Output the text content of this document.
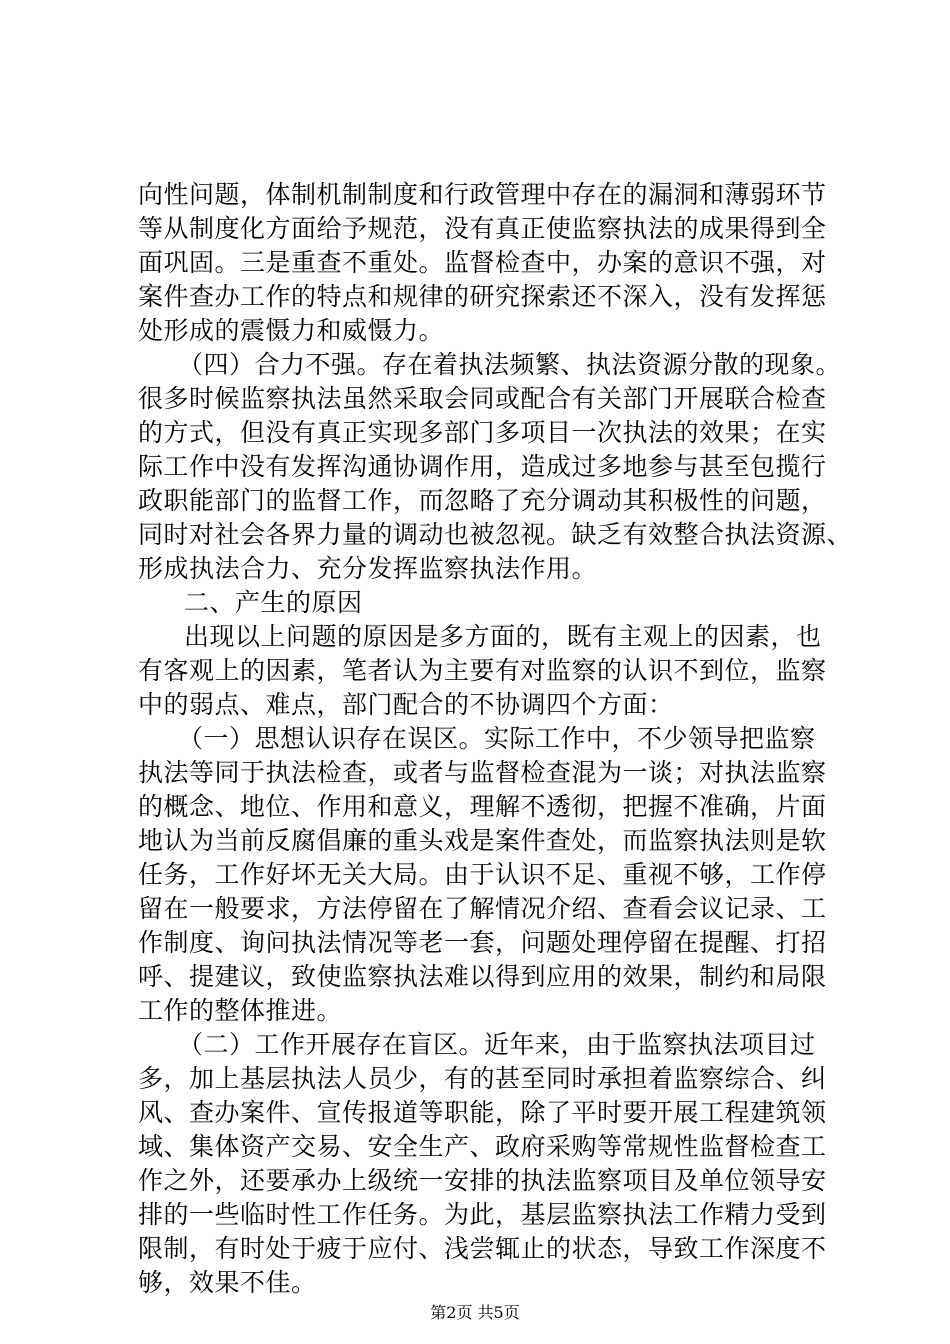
向性问题，体制机制制度和行政管理中存在的漏洞和薄弱环节
等从制度化方面给予规范，没有真正使监察执法的成果得到全
面巩固。三是重查不重处。监督检查中，办案的意识不强，对
案件查办工作的特点和规律的研究探索还不深入，没有发挥惩
处形成的震慑力和威慑力。
（四）合力不强。存在着执法频繁、执法资源分散的现象。
很多时候监察执法虽然采取会同或配合有关部门开展联合检查
的方式，但没有真正实现多部门多项目一次执法的效果；在实
际工作中没有发挥沟通协调作用，造成过多地参与甚至包揽行
政职能部门的监督工作，而忽略了充分调动其积极性的问题，
同时对社会各界力量的调动也被忽视。缺乏有效整合执法资源、
形成执法合力、充分发挥监察执法作用。
二、产生的原因
出现以上问题的原因是多方面的，既有主观上的因素，也
有客观上的因素，笔者认为主要有对监察的认识不到位，监察
中的弱点、难点，部门配合的不协调四个方面：
（一）思想认识存在误区。实际工作中，不少领导把监察
执法等同于执法检查，或者与监督检查混为一谈；对执法监察
的概念、地位、作用和意义，理解不透彻，把握不准确，片面
地认为当前反腐倡廉的重头戏是案件查处，而监察执法则是软
任务，工作好坏无关大局。由于认识不足、重视不够，工作停
留在一般要求，方法停留在了解情况介绍、查看会议记录、工
作制度、询问执法情况等老一套，问题处理停留在提醒、打招
呼、提建议，致使监察执法难以得到应用的效果，制约和局限
工作的整体推进。
（二）工作开展存在盲区。近年来，由于监察执法项目过
多，加上基层执法人员少，有的甚至同时承担着监察综合、纠
风、查办案件、宣传报道等职能，除了平时要开展工程建筑领
域、集体资产交易、安全生产、政府采购等常规性监督检查工
作之外，还要承办上级统一安排的执法监察项目及单位领导安
排的一些临时性工作任务。为此，基层监察执法工作精力受到
限制，有时处于疲于应付、浅尝辄止的状态，导致工作深度不
够，效果不佳。
第2页 共5页
